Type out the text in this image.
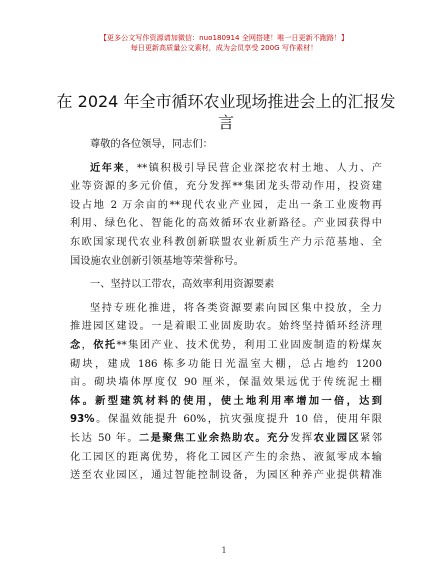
【更多公文写作资源请加微信：nuo180914 全网搭建！唯一日更新不跑路！】
每日更新高质量公文素材，成为会员享受 200G 写作素材！
在 2024 年全市循环农业现场推进会上的汇报发言

尊敬的各位领导，同志们：

近年来，**镇积极引导民营企业深挖农村土地、人力、产

业等资源的多元价值，充分发挥**集团龙头带动作用，投资建

设占地 2 万余亩的**现代农业产业园，走出一条工业废物再

利用、绿色化、智能化的高效循环农业新路径。产业园获得中

东欧国家现代农业科教创新联盟农业新质生产力示范基地、全

国设施农业创新引领基地等荣誉称号。

一、坚持以工带农，高效率利用资源要素

坚持专班化推进，将各类资源要素向园区集中投放，全力

推进园区建设。一是着眼工业固废助农。始终坚持循环经济理

念，依托**集团产业、技术优势，利用工业固废制造的粉煤灰

砌块，建成 186 栋多功能日光温室大棚，总占地约 1200

亩。砌块墙体厚度仅 90 厘米，保温效果远优于传统泥土棚

体。新型建筑材料的使用，使土地利用率增加一倍，达到

93%。保温效能提升 60%，抗灾强度提升 10 倍，使用年限

长达 50 年。二是聚焦工业余热助农。充分发挥农业园区紧邻

化工园区的距离优势，将化工园区产生的余热、液氮零成本输

送至农业园区，通过智能控制设备，为园区种养产业提供精准

1
